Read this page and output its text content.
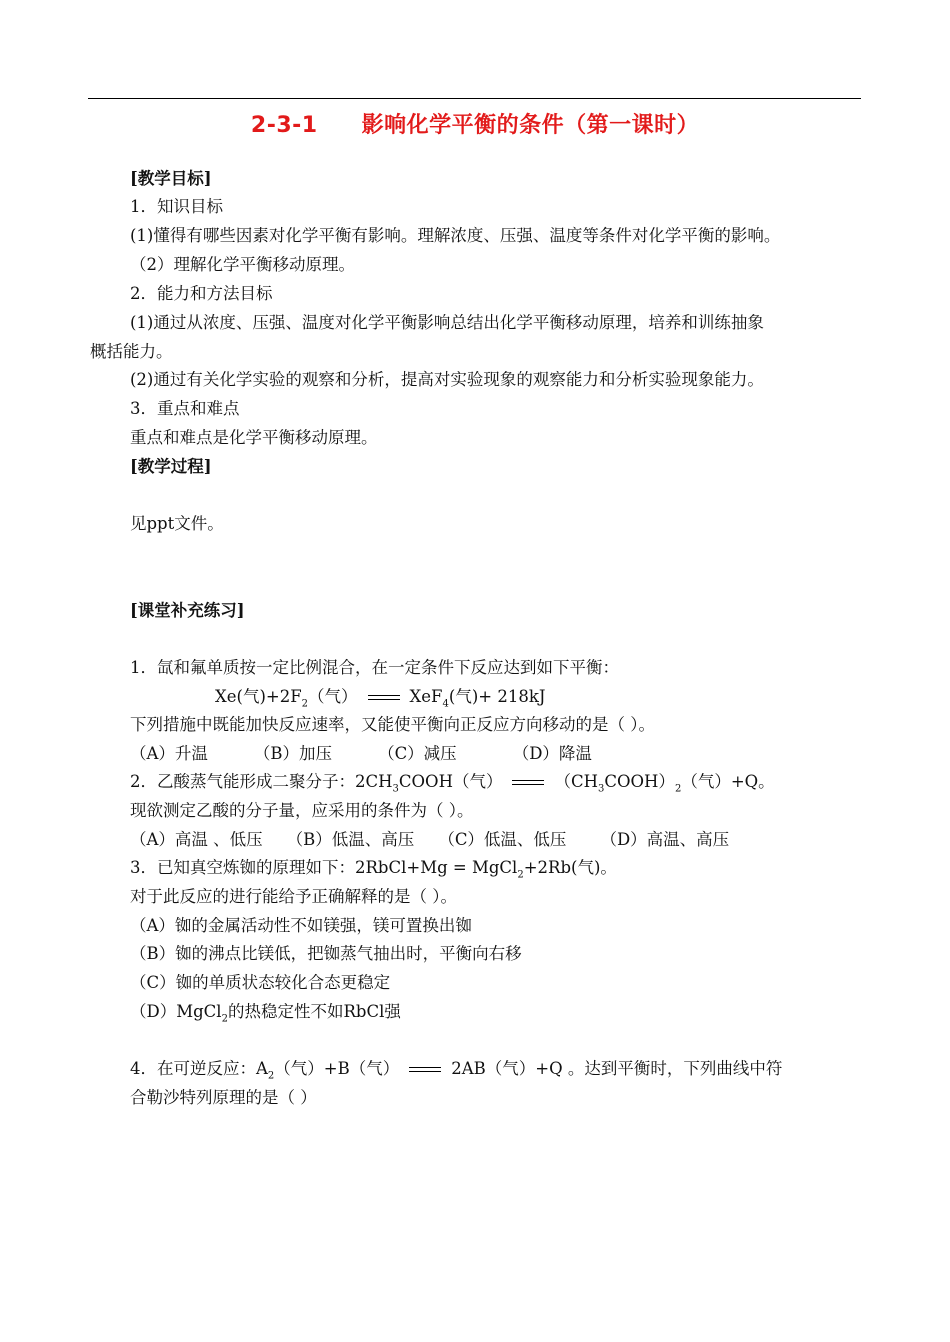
2-3-1 影响化学平衡的条件（第一课时）
[教学目标]
1．知识目标
(1)懂得有哪些因素对化学平衡有影响。理解浓度、压强、温度等条件对化学平衡的影响。
（2）理解化学平衡移动原理。
2．能力和方法目标
(1)通过从浓度、压强、温度对化学平衡影响总结出化学平衡移动原理，培养和训练抽象
概括能力。
(2)通过有关化学实验的观察和分析，提高对实验现象的观察能力和分析实验现象能力。
3．重点和难点
重点和难点是化学平衡移动原理。
[教学过程]
见ppt文件。
[课堂补充练习]
1．氙和氟单质按一定比例混合，在一定条件下反应达到如下平衡：
Xe(气)$+2F_2$（气）	XeF$_4$(气)+ 218kJ
下列措施中既能加快反应速率，又能使平衡向正反应方向移动的是（ ）。
（A）升温	（B）加压	（C）减压	（D）降温
2．乙酸蒸气能形成二聚分子：$2CH_3COOH$（气）	$(CH_3COOH)_2$（气）+Q。
现欲测定乙酸的分子量，应采用的条件为（ ）。
（A）高温 、低压 （B）低温、高压 （C）低温、低压 （D）高温、高压
3．已知真空炼铷的原理如下：2RbCl+Mg = MgCl$_2$+2Rb(气)。
对于此反应的进行能给予正确解释的是（ ）。
（A）铷的金属活动性不如镁强，镁可置换出铷
（B）铷的沸点比镁低，把铷蒸气抽出时，平衡向右移
（C）铷的单质状态较化合态更稳定
（D）MgCl$_2$的热稳定性不如RbCl强
4．在可逆反应：$A_2$（气）+B（气）	2AB（气）+Q 。达到平衡时，下列曲线中符
合勒沙特列原理的是（ ）
